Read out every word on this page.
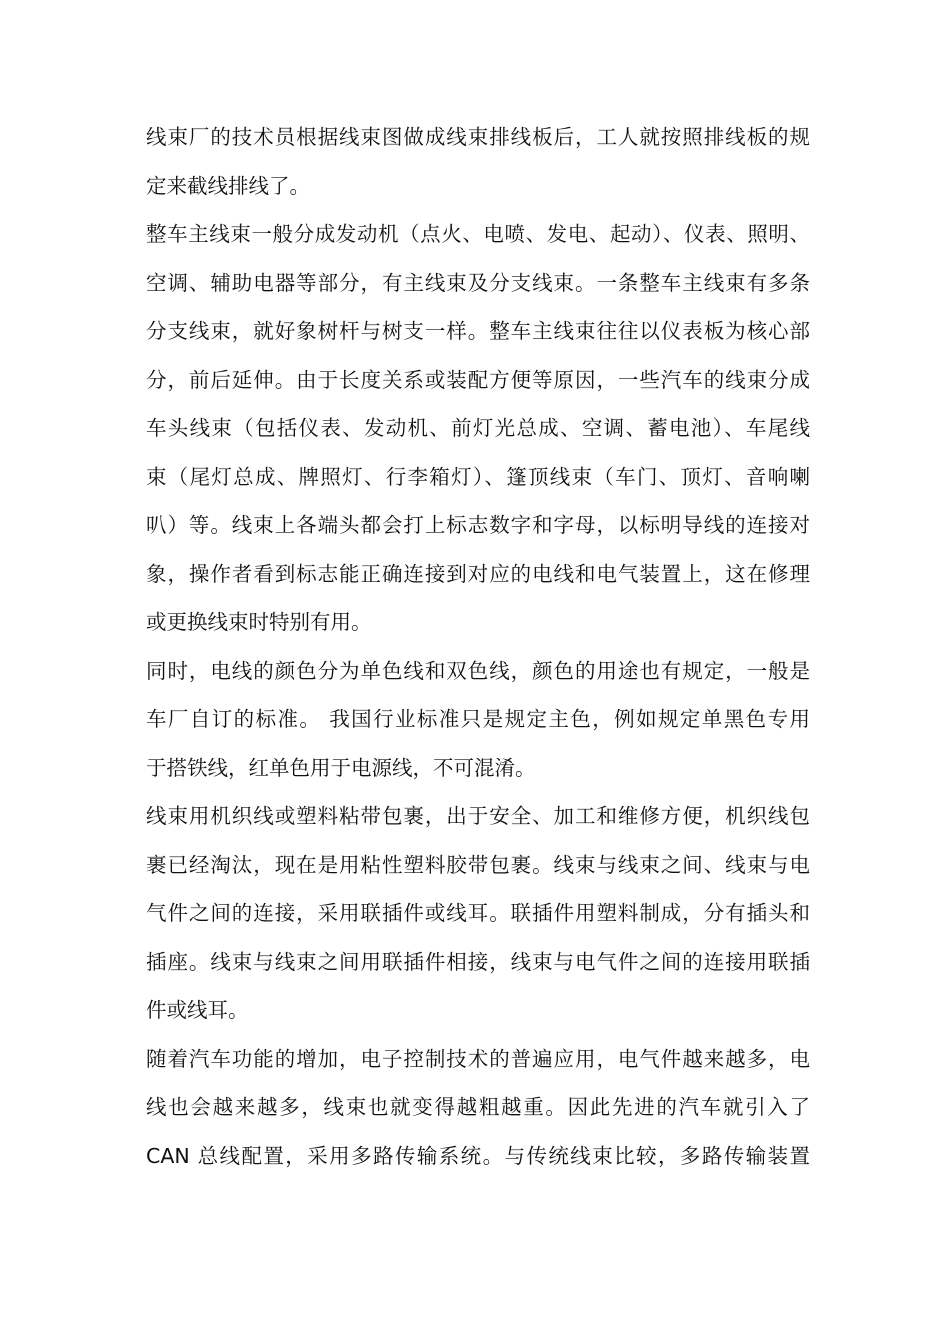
线束厂的技术员根据线束图做成线束排线板后，工人就按照排线板的规
定来截线排线了。
整车主线束一般分成发动机（点火、电喷、发电、起动）、仪表、照明、
空调、辅助电器等部分，有主线束及分支线束。一条整车主线束有多条
分支线束，就好象树杆与树支一样。整车主线束往往以仪表板为核心部
分，前后延伸。由于长度关系或装配方便等原因，一些汽车的线束分成
车头线束（包括仪表、发动机、前灯光总成、空调、蓄电池）、车尾线
束（尾灯总成、牌照灯、行李箱灯）、篷顶线束（车门、顶灯、音响喇
叭）等。线束上各端头都会打上标志数字和字母，以标明导线的连接对
象，操作者看到标志能正确连接到对应的电线和电气装置上，这在修理
或更换线束时特别有用。
同时，电线的颜色分为单色线和双色线，颜色的用途也有规定，一般是
车厂自订的标准。 我国行业标准只是规定主色，例如规定单黑色专用
于搭铁线，红单色用于电源线，不可混淆。
线束用机织线或塑料粘带包裹，出于安全、加工和维修方便，机织线包
裹已经淘汰，现在是用粘性塑料胶带包裹。线束与线束之间、线束与电
气件之间的连接，采用联插件或线耳。联插件用塑料制成，分有插头和
插座。线束与线束之间用联插件相接，线束与电气件之间的连接用联插
件或线耳。
随着汽车功能的增加，电子控制技术的普遍应用，电气件越来越多，电
线也会越来越多，线束也就变得越粗越重。因此先进的汽车就引入了
CAN 总线配置，采用多路传输系统。与传统线束比较，多路传输装置
